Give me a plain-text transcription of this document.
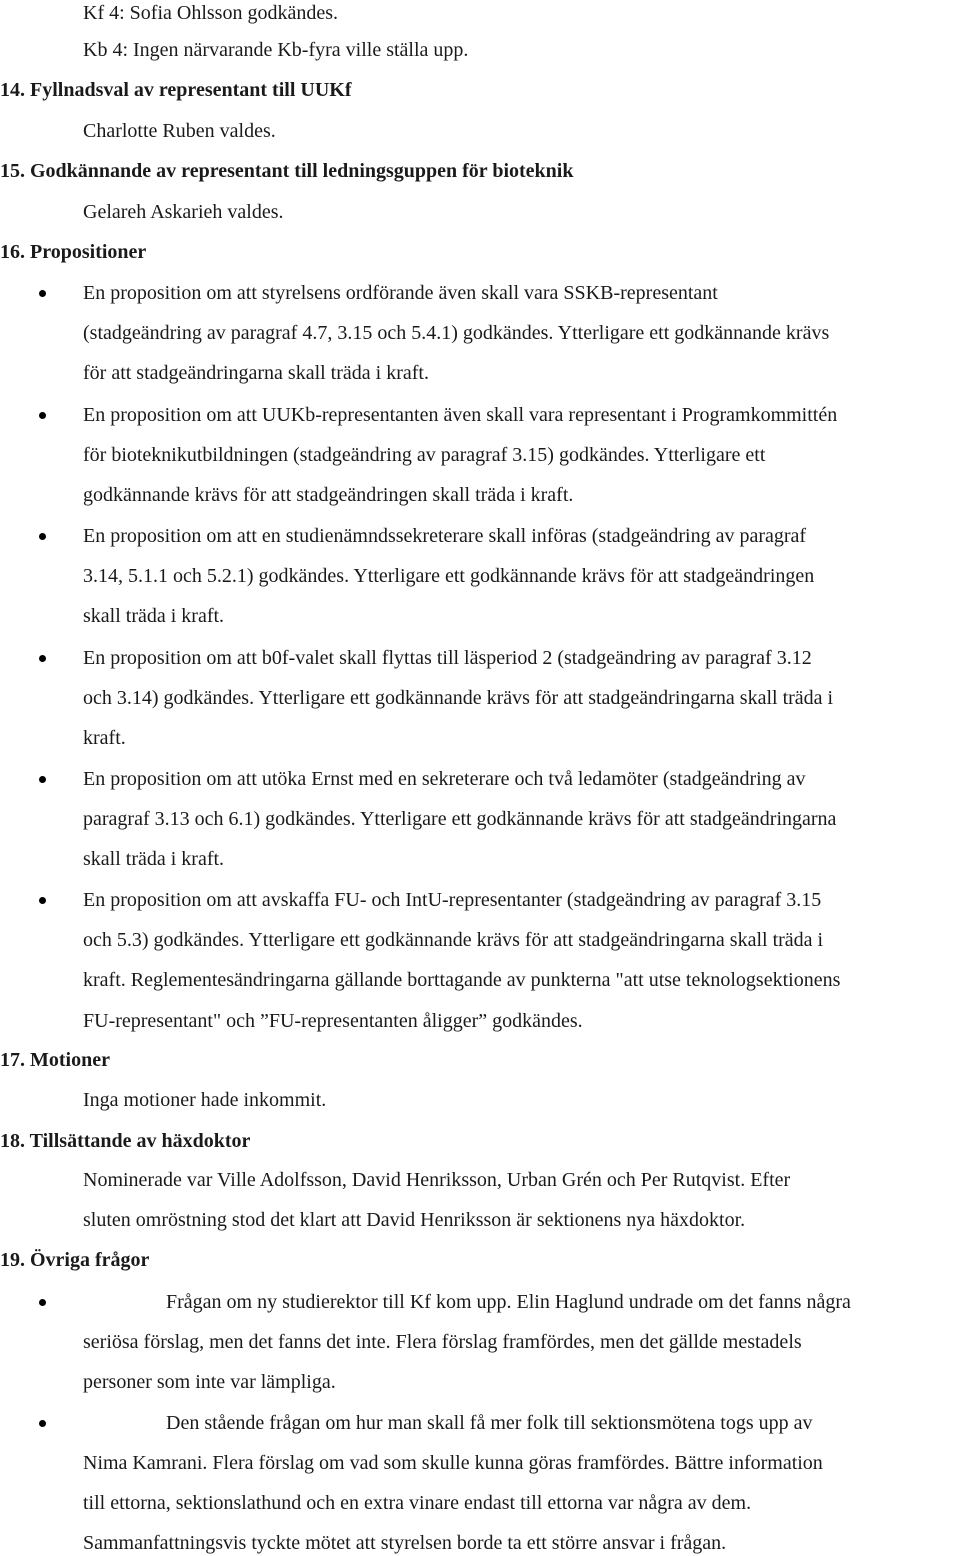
Kf 4: Sofia Ohlsson godkändes.
Kb 4: Ingen närvarande Kb-fyra ville ställa upp.
14. Fyllnadsval av representant till UUKf
Charlotte Ruben valdes.
15. Godkännande av representant till ledningsguppen för bioteknik
Gelareh Askarieh valdes.
16. Propositioner
En proposition om att styrelsens ordförande även skall vara SSKB-representant
(stadgeändring av paragraf 4.7, 3.15 och 5.4.1) godkändes. Ytterligare ett godkännande krävs
för att stadgeändringarna skall träda i kraft.
En proposition om att UUKb-representanten även skall vara representant i Programkommittén
för bioteknikutbildningen (stadgeändring av paragraf 3.15) godkändes. Ytterligare ett
godkännande krävs för att stadgeändringen skall träda i kraft.
En proposition om att en studienämndssekreterare skall införas (stadgeändring av paragraf
3.14, 5.1.1 och 5.2.1) godkändes. Ytterligare ett godkännande krävs för att stadgeändringen
skall träda i kraft.
En proposition om att b0f-valet skall flyttas till läsperiod 2 (stadgeändring av paragraf 3.12
och 3.14) godkändes. Ytterligare ett godkännande krävs för att stadgeändringarna skall träda i
kraft.
En proposition om att utöka Ernst med en sekreterare och två ledamöter (stadgeändring av
paragraf 3.13 och 6.1) godkändes. Ytterligare ett godkännande krävs för att stadgeändringarna
skall träda i kraft.
En proposition om att avskaffa FU- och IntU-representanter (stadgeändring av paragraf 3.15
och 5.3) godkändes. Ytterligare ett godkännande krävs för att stadgeändringarna skall träda i
kraft. Reglementesändringarna gällande borttagande av punkterna "att utse teknologsektionens
FU-representant" och ”FU-representanten åligger” godkändes.
17. Motioner
Inga motioner hade inkommit.
18. Tillsättande av häxdoktor
Nominerade var Ville Adolfsson, David Henriksson, Urban Grén och Per Rutqvist. Efter
sluten omröstning stod det klart att David Henriksson är sektionens nya häxdoktor.
19. Övriga frågor
Frågan om ny studierektor till Kf kom upp. Elin Haglund undrade om det fanns några
seriösa förslag, men det fanns det inte. Flera förslag framfördes, men det gällde mestadels
personer som inte var lämpliga.
Den stående frågan om hur man skall få mer folk till sektionsmötena togs upp av
Nima Kamrani. Flera förslag om vad som skulle kunna göras framfördes. Bättre information
till ettorna, sektionslathund och en extra vinare endast till ettorna var några av dem.
Sammanfattningsvis tyckte mötet att styrelsen borde ta ett större ansvar i frågan.
